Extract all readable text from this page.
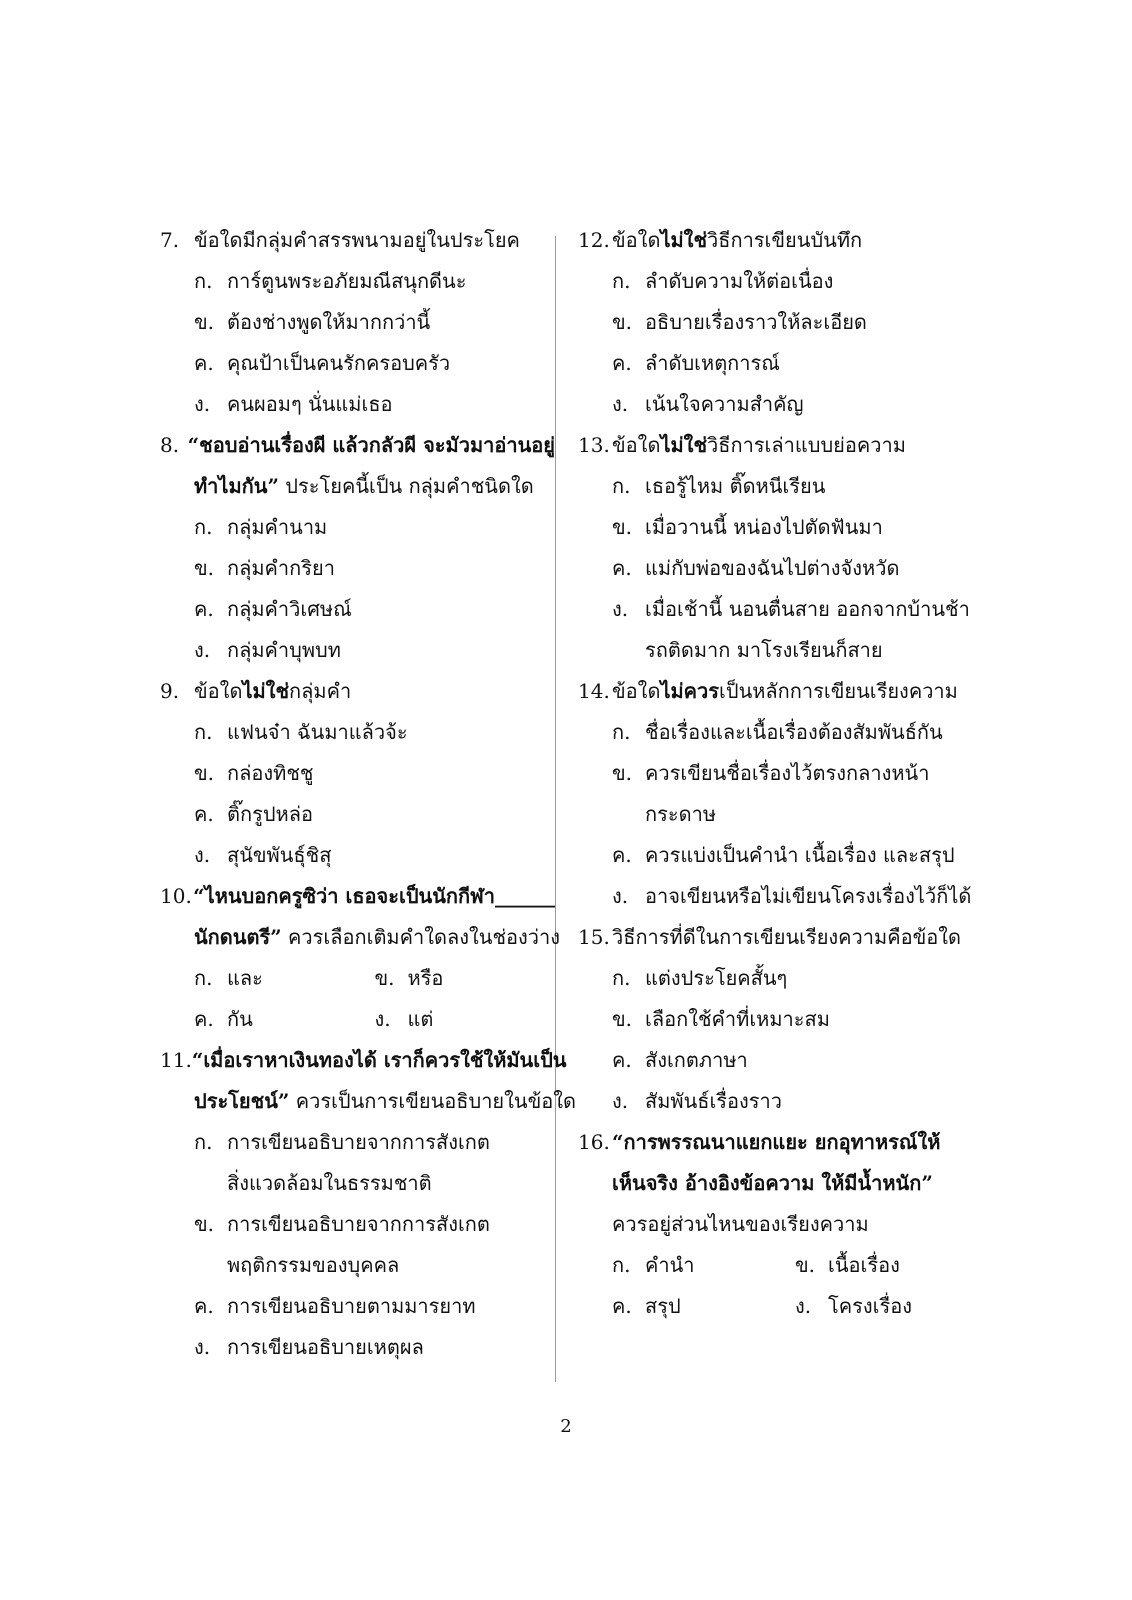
7. ข้อใดมีกลุ่มคำสรรพนามอยู่ในประโยค
ก. การ์ตูนพระอภัยมณีสนุกดีนะ
ข. ต้องช่างพูดให้มากกว่านี้
ค. คุณป้าเป็นคนรักครอบครัว
ง. คนผอมๆ นั่นแม่เธอ
8. “ชอบอ่านเรื่องผี แล้วกลัวผี จะมัวมาอ่านอยู่
ทำไมกัน” ประโยคนี้เป็น กลุ่มคำชนิดใด
ก. กลุ่มคำนาม
ข. กลุ่มคำกริยา
ค. กลุ่มคำวิเศษณ์
ง. กลุ่มคำบุพบท
9. ข้อใดไม่ใช่กลุ่มคำ
ก. แฟนจ๋า ฉันมาแล้วจ้ะ
ข. กล่องทิชชู
ค. ติ๊กรูปหล่อ
ง. สุนัขพันธุ์ชิสุ
10. “ไหนบอกครูซิว่า เธอจะเป็นนักกีฬา______
นักดนตรี” ควรเลือกเติมคำใดลงในช่องว่าง
ก. และ	ข. หรือ
ค. กัน	ง. แต่
11. “เมื่อเราหาเงินทองได้ เราก็ควรใช้ให้มันเป็น
ประโยชน์” ควรเป็นการเขียนอธิบายในข้อใด
ก. การเขียนอธิบายจากการสังเกต
สิ่งแวดล้อมในธรรมชาติ
ข. การเขียนอธิบายจากการสังเกต
พฤติกรรมของบุคคล
ค. การเขียนอธิบายตามมารยาท
ง. การเขียนอธิบายเหตุผล
12. ข้อใดไม่ใช่วิธีการเขียนบันทึก
ก. ลำดับความให้ต่อเนื่อง
ข. อธิบายเรื่องราวให้ละเอียด
ค. ลำดับเหตุการณ์
ง. เน้นใจความสำคัญ
13. ข้อใดไม่ใช่วิธีการเล่าแบบย่อความ
ก. เธอรู้ไหม ติ๊ดหนีเรียน
ข. เมื่อวานนี้ หน่องไปตัดฟันมา
ค. แม่กับพ่อของฉันไปต่างจังหวัด
ง. เมื่อเช้านี้ นอนตื่นสาย ออกจากบ้านช้า
รถติดมาก มาโรงเรียนก็สาย
14. ข้อใดไม่ควรเป็นหลักการเขียนเรียงความ
ก. ชื่อเรื่องและเนื้อเรื่องต้องสัมพันธ์กัน
ข. ควรเขียนชื่อเรื่องไว้ตรงกลางหน้า
กระดาษ
ค. ควรแบ่งเป็นคำนำ เนื้อเรื่อง และสรุป
ง. อาจเขียนหรือไม่เขียนโครงเรื่องไว้ก็ได้
15. วิธีการที่ดีในการเขียนเรียงความคือข้อใด
ก. แต่งประโยคสั้นๆ
ข. เลือกใช้คำที่เหมาะสม
ค. สังเกตภาษา
ง. สัมพันธ์เรื่องราว
16. “การพรรณนาแยกแยะ ยกอุทาหรณ์ให้
เห็นจริง อ้างอิงข้อความ ให้มีน้ำหนัก”
ควรอยู่ส่วนไหนของเรียงความ
ก. คำนำ	ข. เนื้อเรื่อง
ค. สรุป	ง. โครงเรื่อง
2
